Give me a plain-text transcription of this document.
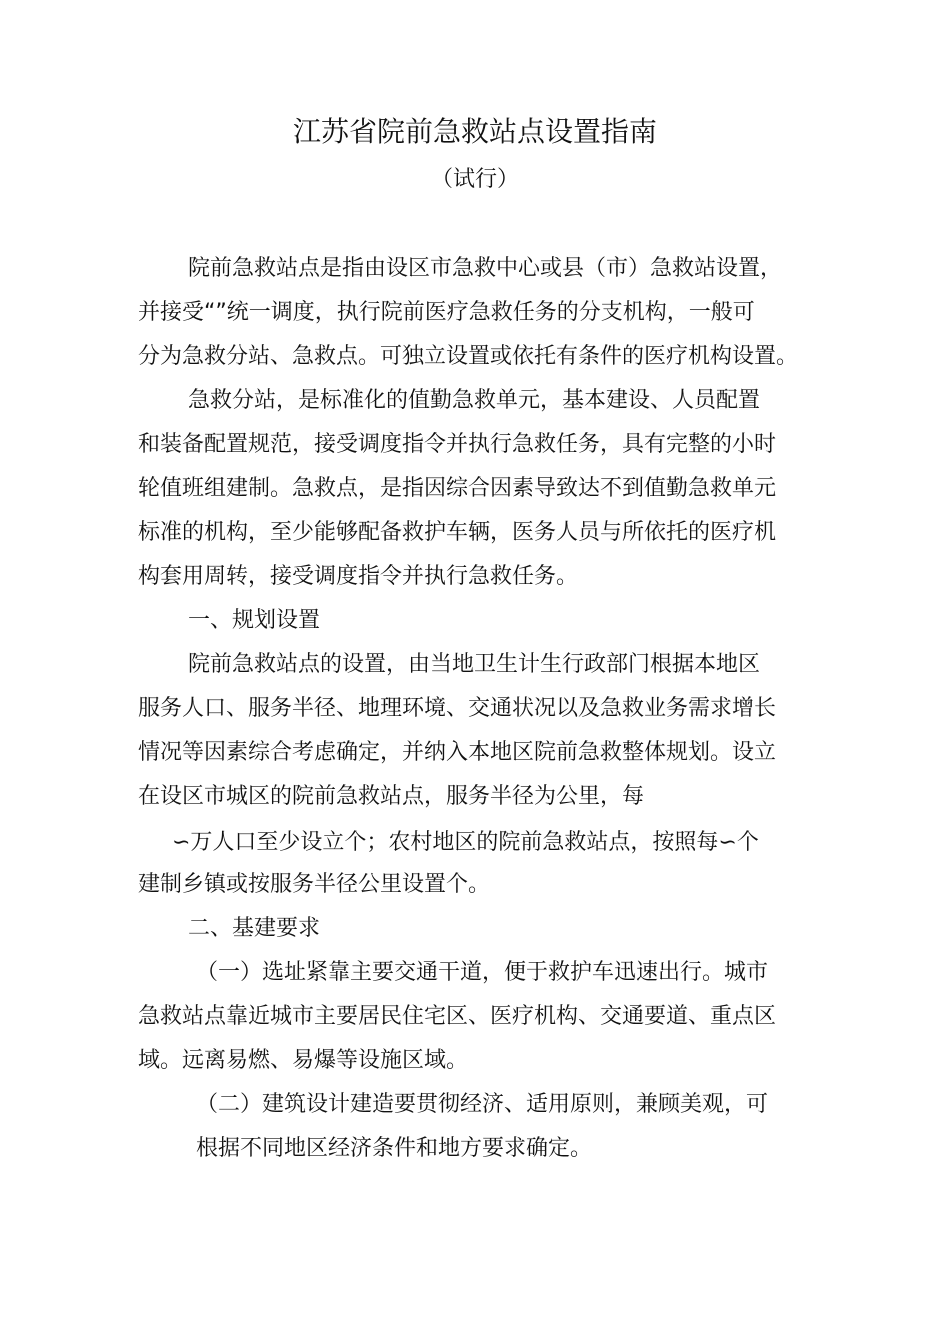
江苏省院前急救站点设置指南
（试行）
院前急救站点是指由设区市急救中心或县（市）急救站设置，
并接受“”统一调度，执行院前医疗急救任务的分支机构，一般可
分为急救分站、急救点。可独立设置或依托有条件的医疗机构设置。
急救分站，是标准化的值勤急救单元，基本建设、人员配置
和装备配置规范，接受调度指令并执行急救任务，具有完整的小时
轮值班组建制。急救点，是指因综合因素导致达不到值勤急救单元
标准的机构，至少能够配备救护车辆，医务人员与所依托的医疗机
构套用周转，接受调度指令并执行急救任务。
一、规划设置
院前急救站点的设置，由当地卫生计生行政部门根据本地区
服务人口、服务半径、地理环境、交通状况以及急救业务需求增长
情况等因素综合考虑确定，并纳入本地区院前急救整体规划。设立
在设区市城区的院前急救站点，服务半径为公里，每
∽万人口至少设立个；农村地区的院前急救站点，按照每∽个
建制乡镇或按服务半径公里设置个。
二、基建要求
（一）选址紧靠主要交通干道，便于救护车迅速出行。城市
急救站点靠近城市主要居民住宅区、医疗机构、交通要道、重点区
域。远离易燃、易爆等设施区域。
（二）建筑设计建造要贯彻经济、适用原则，兼顾美观，可
根据不同地区经济条件和地方要求确定。
